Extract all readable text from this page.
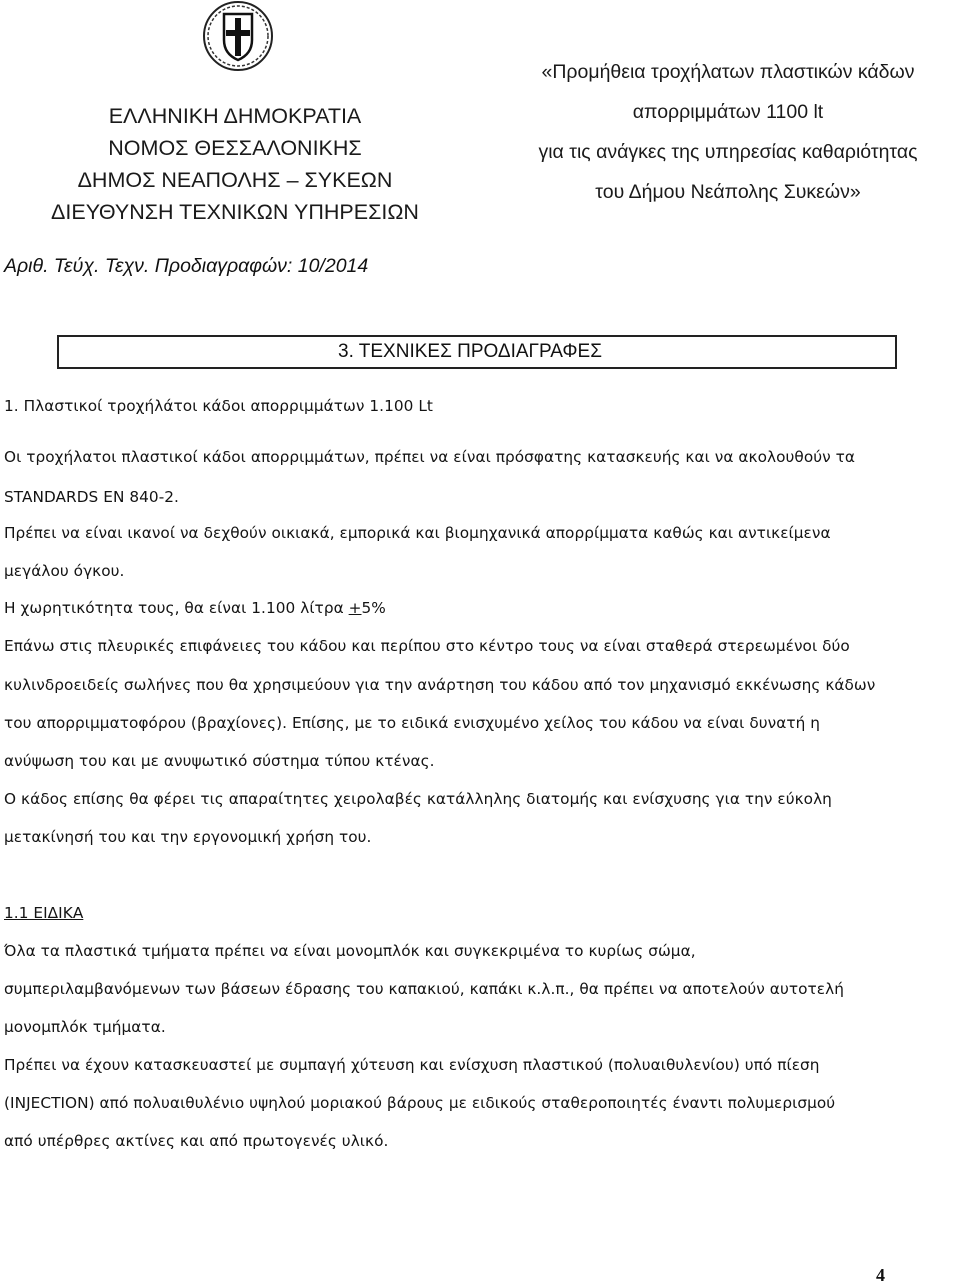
ΕΛΛΗΝΙΚΗ ΔΗΜΟΚΡΑΤΙΑ
ΝΟΜΟΣ ΘΕΣΣΑΛΟΝΙΚΗΣ
ΔΗΜΟΣ ΝΕΑΠΟΛΗΣ – ΣΥΚΕΩΝ
ΔΙΕΥΘΥΝΣΗ ΤΕΧΝΙΚΩΝ ΥΠΗΡΕΣΙΩΝ
«Προμήθεια τροχήλατων πλαστικών κάδων
απορριμμάτων 1100 lt
για τις ανάγκες της υπηρεσίας καθαριότητας
του Δήμου Νεάπολης Συκεών»
Αριθ. Τεύχ. Τεχν. Προδιαγραφών: 10/2014
3. ΤΕΧΝΙΚΕΣ ΠΡΟΔΙΑΓΡΑΦΕΣ
1. Πλαστικοί τροχήλάτοι κάδοι απορριμμάτων 1.100 Lt
Οι τροχήλατοι πλαστικοί κάδοι απορριμμάτων, πρέπει να είναι πρόσφατης κατασκευής και να ακολουθούν τα
STANDARDS EN 840-2.
Πρέπει να είναι ικανοί να δεχθούν οικιακά, εμπορικά και βιομηχανικά απορρίμματα καθώς και αντικείμενα
μεγάλου όγκου.
Η χωρητικότητα τους, θα είναι 1.100 λίτρα +5%
Επάνω στις πλευρικές επιφάνειες του κάδου και περίπου στο κέντρο τους να είναι σταθερά στερεωμένοι δύο
κυλινδροειδείς σωλήνες που θα χρησιμεύουν για την ανάρτηση του κάδου από τον μηχανισμό εκκένωσης κάδων
του απορριμματοφόρου (βραχίονες). Επίσης, με το ειδικά ενισχυμένο χείλος του κάδου να είναι δυνατή η
ανύψωση του και με ανυψωτικό σύστημα τύπου κτένας.
Ο κάδος επίσης θα φέρει τις απαραίτητες χειρολαβές κατάλληλης διατομής και ενίσχυσης για την εύκολη
μετακίνησή του και την εργονομική χρήση του.
1.1 ΕΙΔΙΚΑ
Όλα τα πλαστικά τμήματα πρέπει να είναι μονομπλόκ και συγκεκριμένα το κυρίως σώμα,
συμπεριλαμβανόμενων των βάσεων έδρασης του καπακιού, καπάκι κ.λ.π., θα πρέπει να αποτελούν αυτοτελή
μονομπλόκ τμήματα.
Πρέπει να έχουν κατασκευαστεί με συμπαγή χύτευση και ενίσχυση πλαστικού (πολυαιθυλενίου) υπό πίεση
(INJECTION) από πολυαιθυλένιο υψηλού μοριακού βάρους με ειδικούς σταθεροποιητές έναντι πολυμερισμού
από υπέρθρες ακτίνες και από πρωτογενές υλικό.
4
